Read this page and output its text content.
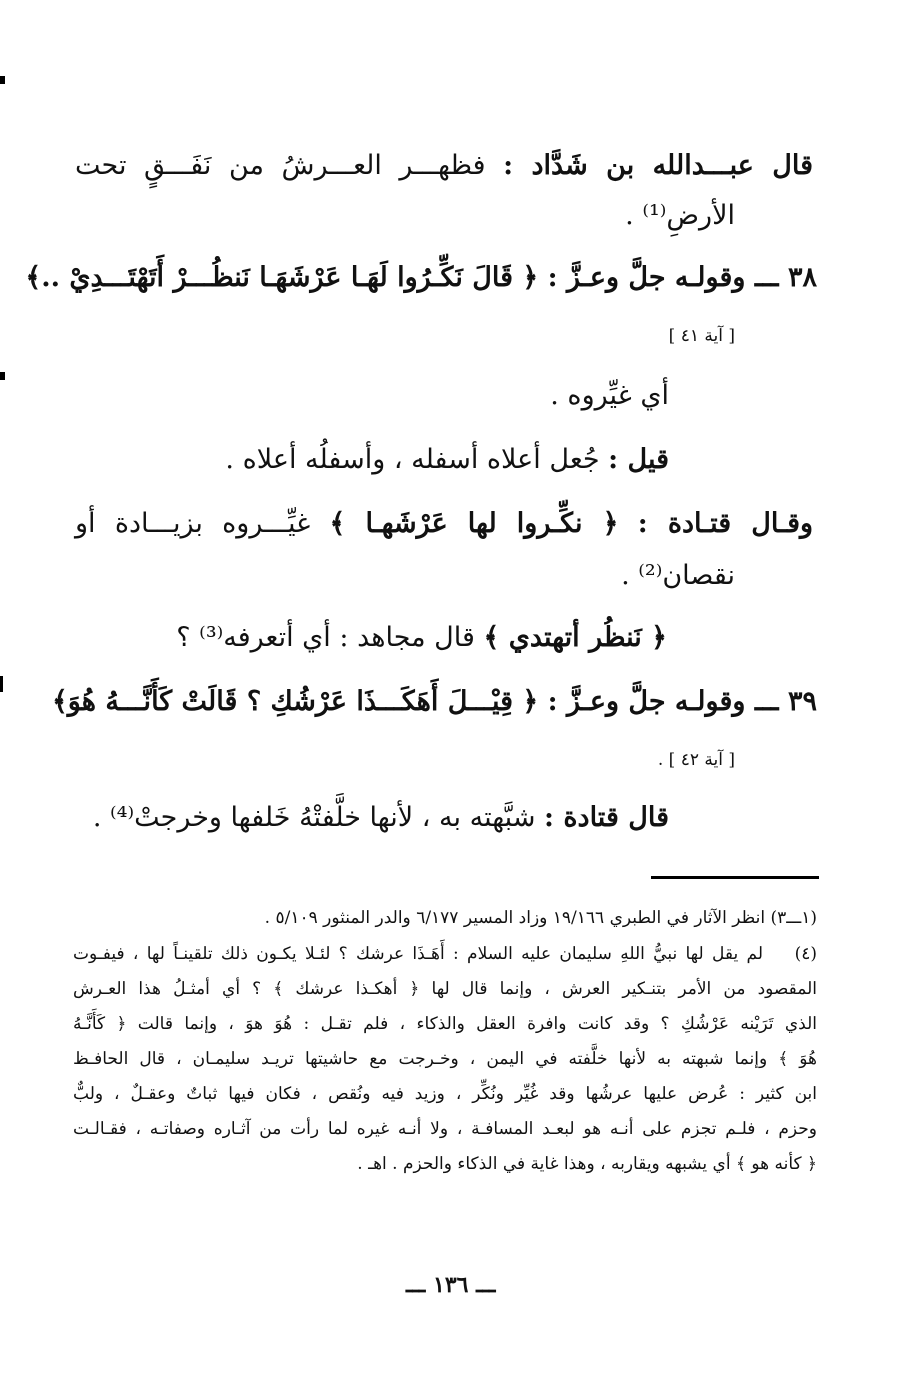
قال عبـــدالله بن شَدَّاد : فظهـــر العـــرشُ من نَفَـــقٍ تحت
الأرضِ⁽¹⁾ .
٣٨ ـــ وقولـه جلَّ وعـزَّ : ﴿ قَالَ نَكِّـرُوا لَهَـا عَرْشَهَـا نَنظُـــرْ أَتَهْتَـــدِيْ ..﴾
[ آية ٤١ ]
أي غيِّروه .
قيل : جُعل أعلاه أسفله ، وأسفلُه أعلاه .
وقـال قتـادة : ﴿ نكِّـروا لها عَرْشَهـا ﴾ غيِّـــروه بزيـــادة أو
نقصان⁽²⁾ .
﴿ نَنظُر أتهتدي ﴾ قال مجاهد : أي أتعرفه⁽³⁾ ؟
٣٩ ـــ وقولـه جلَّ وعـزَّ : ﴿ قِيْـــلَ أَهَكَـــذَا عَرْشُكِ ؟ قَالَتْ كَأَنَّـــهُ هُوَ﴾
[ آية ٤٢ ] .
قال قتادة : شبَّهته به ، لأنها خلَّفتْهُ خَلفها وخرجتْ⁽⁴⁾ .
(١ـــ٣) انظر الآثار في الطبري ١٩/١٦٦ وزاد المسير ٦/١٧٧ والدر المنثور ٥/١٠٩ .
(٤)
لم يقل لها نبيُّ اللهِ سليمان عليه السلام : أَهَـذَا عرشك ؟ لئـلا يكـون ذلك تلقينـاً لها ، فيفـوت
المقصود من الأمر بتنـكير العرش ، وإنما قال لها ﴿ أهكـذا عرشك ﴾ ؟ أي أمثـلُ هذا العـرش
الذي تَرَيْنه عَرْشُكِ ؟ وقد كانت وافرة العقل والذكاء ، فلم تقـل : هُوَ هوَ ، وإنما قالت ﴿ كَأَنَّـهُ
هُوَ ﴾ وإنما شبهته به لأنها خلَّفته في اليمن ، وخـرجت مع حاشيتها تريـد سليمـان ، قال الحافـظ
ابن كثير : عُرض عليها عرشُها وقد غُيِّر ونُكِّر ، وزيد فيه ونُقص ، فكان فيها ثباتٌ وعقـلٌ ، ولبٌّ
وحزم ، فلـم تجزم على أنـه هو لبعـد المسافـة ، ولا أنـه غيره لما رأت من آثـاره وصفاتـه ، فقـالـت
﴿ كأنه هو ﴾ أي يشبهه ويقاربه ، وهذا غاية في الذكاء والحزم . اهـ .
ـــ ١٣٦ ـــ
